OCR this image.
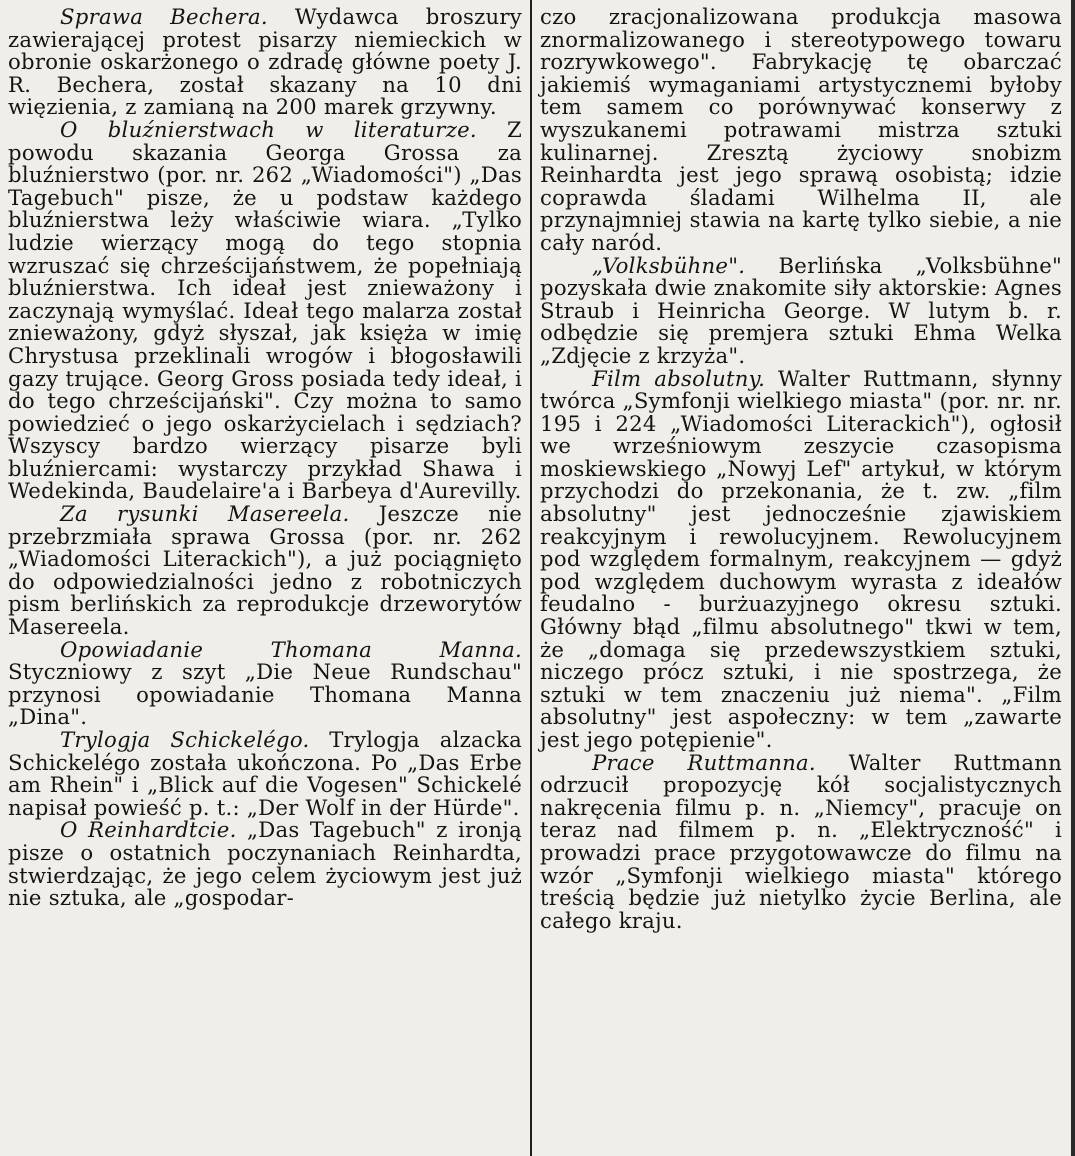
Sprawa Bechera. Wydawca broszury zawierającej protest pisarzy niemieckich w obronie oskarżonego o zdradę główne poety J. R. Bechera, został skazany na 10 dni więzienia, z zamianą na 200 marek grzywny.

O bluźnierstwach w literaturze. Z powodu skazania Georga Grossa za bluźnierstwo (por. nr. 262 „Wiadomości") „Das Tagebuch" pisze, że u podstaw każdego bluźnierstwa leży właściwie wiara. „Tylko ludzie wierzący mogą do tego stopnia wzruszać się chrześcijaństwem, że popełniają bluźnierstwa. Ich ideał jest znieważony i zaczynają wymyślać. Ideał tego malarza został znieważony, gdyż słyszał, jak księża w imię Chrystusa przeklinali wrogów i błogosławili gazy trujące. Georg Gross posiada tedy ideał, i do tego chrześcijański". Czy można to samo powiedzieć o jego oskarżycielach i sędziach? Wszyscy bardzo wierzący pisarze byli bluźniercami: wystarczy przykład Shawa i Wedekinda, Baudelaire'a i Barbeya d'Aurevilly.

Za rysunki Masereela. Jeszcze nie przebrzmiała sprawa Grossa (por. nr. 262 „Wiadomości Literackich"), a już pociągnięto do odpowiedzialności jedno z robotniczych pism berlińskich za reprodukcje drzeworytów Masereela.

Opowiadanie Thomana Manna. Styczniowy z szyt „Die Neue Rundschau" przynosi opowiadanie Thomana Manna „Dina".

Trylogja Schickelégo. Trylogja alzacka Schickelégo została ukończona. Po „Das Erbe am Rhein" i „Blick auf die Vogesen" Schickelé napisał powieść p. t.: „Der Wolf in der Hürde".

O Reinhardtcie. „Das Tagebuch" z ironją pisze o ostatnich poczynaniach Reinhardta, stwierdzając, że jego celem życiowym jest już nie sztuka, ale „gospodar-

czo zracjonalizowana produkcja masowa znormalizowanego i stereotypowego towaru rozrywkowego". Fabrykację tę obarczać jakiemiś wymaganiami artystycznemi byłoby tem samem co porównywać konserwy z wyszukanemi potrawami mistrza sztuki kulinarnej. Zresztą życiowy snobizm Reinhardta jest jego sprawą osobistą; idzie coprawda śladami Wilhelma II, ale przynajmniej stawia na kartę tylko siebie, a nie cały naród.

„Volksbühne". Berlińska „Volksbühne" pozyskała dwie znakomite siły aktorskie: Agnes Straub i Heinricha George. W lutym b. r. odbędzie się premjera sztuki Ehma Welka „Zdjęcie z krzyża".

Film absolutny. Walter Ruttmann, słynny twórca „Symfonji wielkiego miasta" (por. nr. nr. 195 i 224 „Wiadomości Literackich"), ogłosił we wrześniowym zeszycie czasopisma moskiewskiego „Nowyj Lef" artykuł, w którym przychodzi do przekonania, że t. zw. „film absolutny" jest jednocześnie zjawiskiem reakcyjnym i rewolucyjnem. Rewolucyjnem pod względem formalnym, reakcyjnem — gdyż pod względem duchowym wyrasta z ideałów feudalno - burżuazyjnego okresu sztuki. Główny błąd „filmu absolutnego" tkwi w tem, że „domaga się przedewszystkiem sztuki, niczego prócz sztuki, i nie spostrzega, że sztuki w tem znaczeniu już niema". „Film absolutny" jest aspołeczny: w tem „zawarte jest jego potępienie".

Prace Ruttmanna. Walter Ruttmann odrzucił propozycję kół socjalistycznych nakręcenia filmu p. n. „Niemcy", pracuje on teraz nad filmem p. n. „Elektryczność" i prowadzi prace przygotowawcze do filmu na wzór „Symfonji wielkiego miasta" którego treścią będzie już nietylko życie Berlina, ale całego kraju.
